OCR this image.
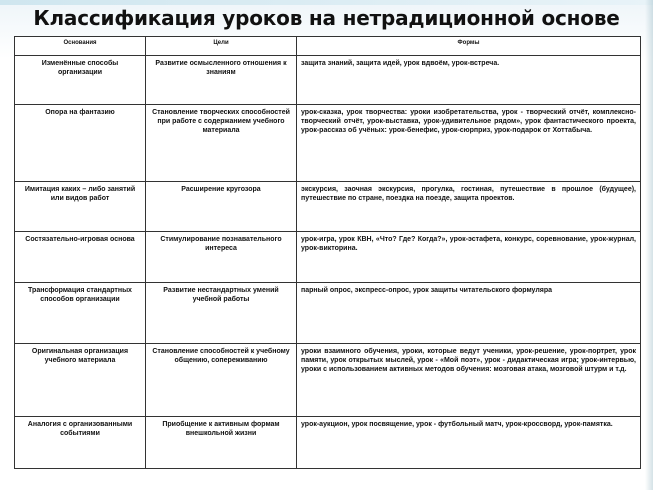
Классификация уроков на нетрадиционной основе
Основания	Цели	Формы
Изменённые способы организации	Развитие осмысленного отношения к знаниям	защита знаний, защита идей, урок вдвоём, урок-встреча.
Опора на фантазию	Становление творческих способностей при работе с содержанием учебного материала	урок-сказка, урок творчества: уроки изобретательства, урок - творческий отчёт, комплексно-творческий отчёт, урок-выставка, урок-удивительное рядом», урок фантастического проекта, урок-рассказ об учёных: урок-бенефис, урок-сюрприз, урок-подарок от Хоттабыча.
Имитация каких – либо занятий или видов работ	Расширение кругозора	экскурсия, заочная экскурсия, прогулка, гостиная, путешествие в прошлое (будущее), путешествие по стране, поездка на поезде, защита проектов.
Состязательно-игровая основа	Стимулирование познавательного интереса	урок-игра, урок КВН, «Что? Где? Когда?», урок-эстафета, конкурс, соревнование, урок-журнал, урок-викторина.
Трансформация стандартных способов организации	Развитие нестандартных умений учебной работы	парный опрос, экспресс-опрос, урок защиты читательского формуляра
Оригинальная организация учебного материала	Становление способностей к учебному общению, сопереживанию	уроки взаимного обучения, уроки, которые ведут ученики, урок-решение, урок-портрет, урок памяти, урок открытых мыслей, урок - «Мой поэт», урок - дидактическая игра; урок-интервью, уроки с использованием активных методов обучения: мозговая атака, мозговой штурм и т.д.
Аналогия с организованными событиями	Приобщение к активным формам внешкольной жизни	урок-аукцион, урок посвящение, урок - футбольный матч, урок-кроссворд, урок-памятка.
